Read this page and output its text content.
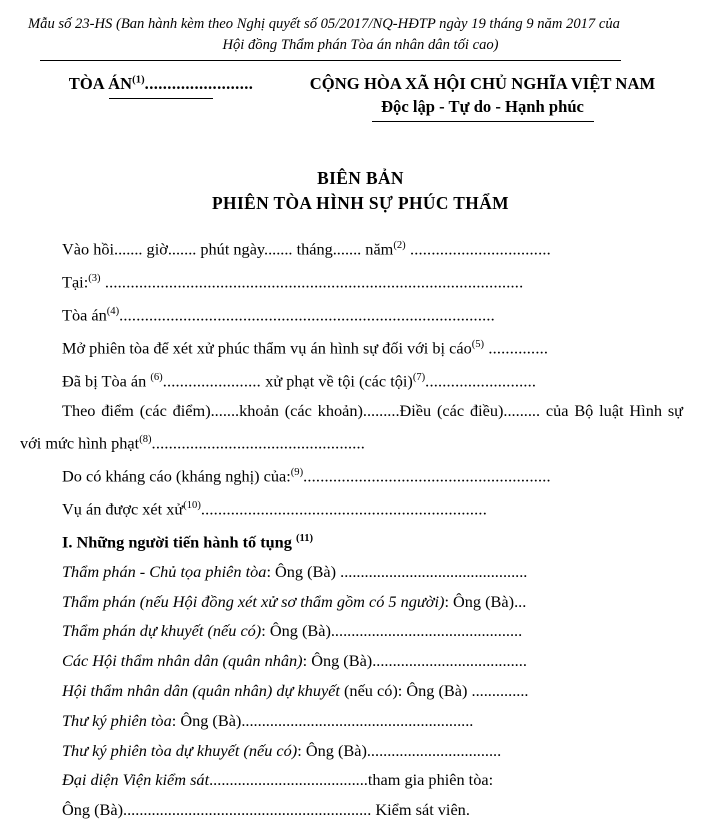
Mẫu số 23-HS (Ban hành kèm theo Nghị quyết số 05/2017/NQ-HĐTP ngày 19 tháng 9 năm 2017 của
Hội đồng Thẩm phán Tòa án nhân dân tối cao)
TÒA ÁN$^{(1)}$........................	CỘNG HÒA XÃ HỘI CHỦ NGHĨA VIỆT NAM
Độc lập - Tự do - Hạnh phúc
BIÊN BẢN
PHIÊN TÒA HÌNH SỰ PHÚC THẨM

Vào hồi....... giờ....... phút ngày....... tháng....... năm$^{(2)}$ .................................

Tại:$^{(3)}$ ..................................................................................................

Tòa $án^{(4)}$........................................................................................

Mở phiên tòa để xét xử phúc thẩm vụ án hình sự đối với bị cáo$^{(5)}$ ..............

Đã bị Tòa án $^{(6)}$....................... xử phạt về tội (các tội)$^{(7)}$..........................

Theo điểm (các điểm).......khoản (các khoản).........Điều (các điều)......... của Bộ luật Hình sự với mức hình phạt$^{(8)}$..................................................

Do có kháng cáo (kháng nghị) của:$^{(9)}$..........................................................

Vụ án được xét xử$^{(10)}$...................................................................

I. Những người tiến hành tố tụng $^{(11)}$

Thẩm phán - Chủ tọa phiên tòa: Ông (Bà) ..............................................

Thẩm phán (nếu Hội đồng xét xử sơ thẩm gồm có 5 người): Ông (Bà)...

Thẩm phán dự khuyết (nếu có): Ông (Bà)...............................................

Các Hội thẩm nhân dân (quân nhân): Ông (Bà)......................................

Hội thẩm nhân dân (quân nhân) dự khuyết (nếu có): Ông (Bà) ..............

Thư ký phiên tòa: Ông (Bà).........................................................

Thư ký phiên tòa dự khuyết (nếu có): Ông (Bà).................................

Đại diện Viện kiểm sát.......................................tham gia phiên tòa:

Ông (Bà)............................................................. Kiểm sát viên.
